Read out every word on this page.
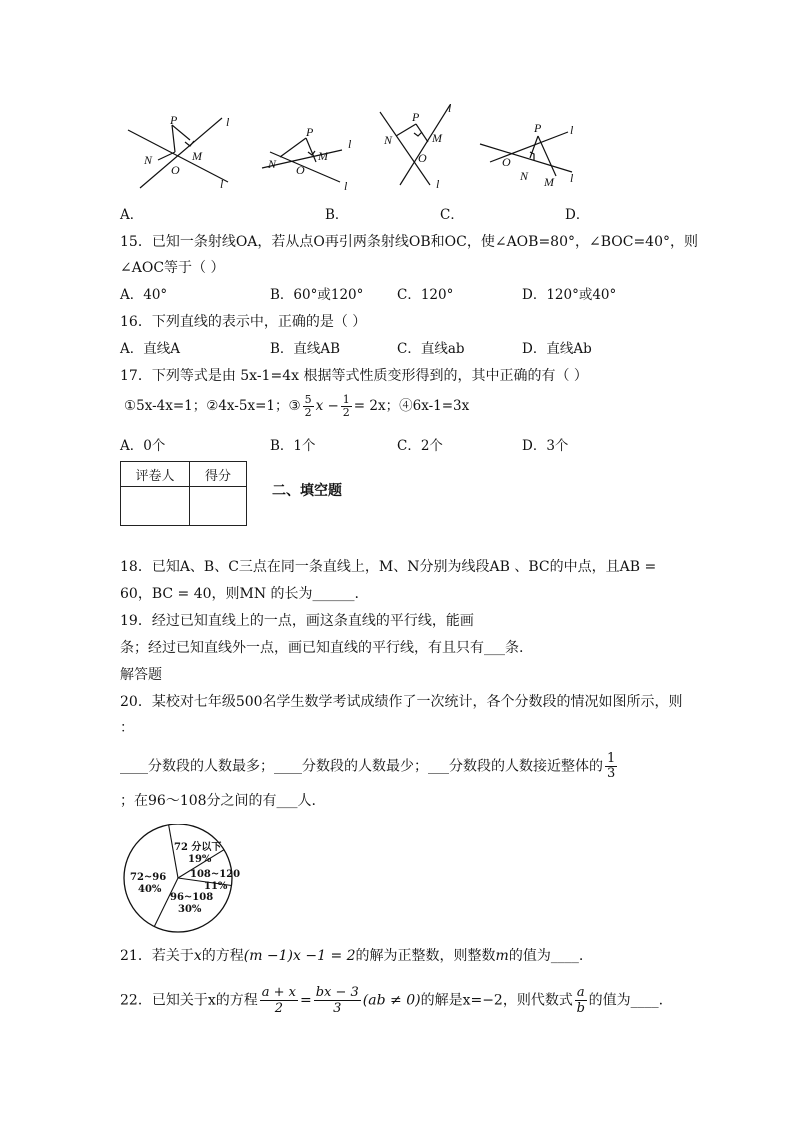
P
N
O
M
l
l
P
N O
M
l
l
P
N
O
M
l
l
P
O
N M
l
l
A．	B．	C．	D．
15．已知一条射线OA，若从点O再引两条射线OB和OC，使∠AOB=80°，∠BOC=40°，则
∠AOC等于（ ）
A．40°	B．60°或120° C．120°	D．120°或40°
16．下列直线的表示中，正确的是（ ）
A．直线A	B．直线AB	C．直线ab	D．直线Ab
17．下列等式是由 5x-1=4x 根据等式性质变形得到的，其中正确的有（ ）
①5x-4x=1；②4x-5x=1；③ $\frac{5}{2}$ $x - \frac{1}{2} = 2x$；④6x-1=3x
A．0个	B．1个	C．2个	D．3个
评卷人	得分

二、填空题
18．已知A、B、C三点在同一条直线上，M、N分别为线段AB 、BC的中点，且AB =
60，BC = 40，则MN 的长为______.
19．经过已知直线上的一点，画这条直线的平行线，能画
条；经过已知直线外一点，画已知直线的平行线，有且只有___条.
解答题
20．某校对七年级500名学生数学考试成绩作了一次统计，各个分数段的情况如图所示，则
：
____分数段的人数最多；____分数段的人数最少；___分数段的人数接近整体的 $\frac{1}{3}$
；在96～108分之间的有___人.
72 分以下
19%
108~120
11%
96~108
30%
72~96
40%
21．若关于x的方程(m −1)x −1 = 2的解为正整数，则整数m的值为____.
22．已知关于x的方程 $\frac{a + x}{2} = \frac{bx - 3}{3} (ab \ne 0)$的解是x=−2，则代数式 $\frac{a}{b}$ 的值为____.
